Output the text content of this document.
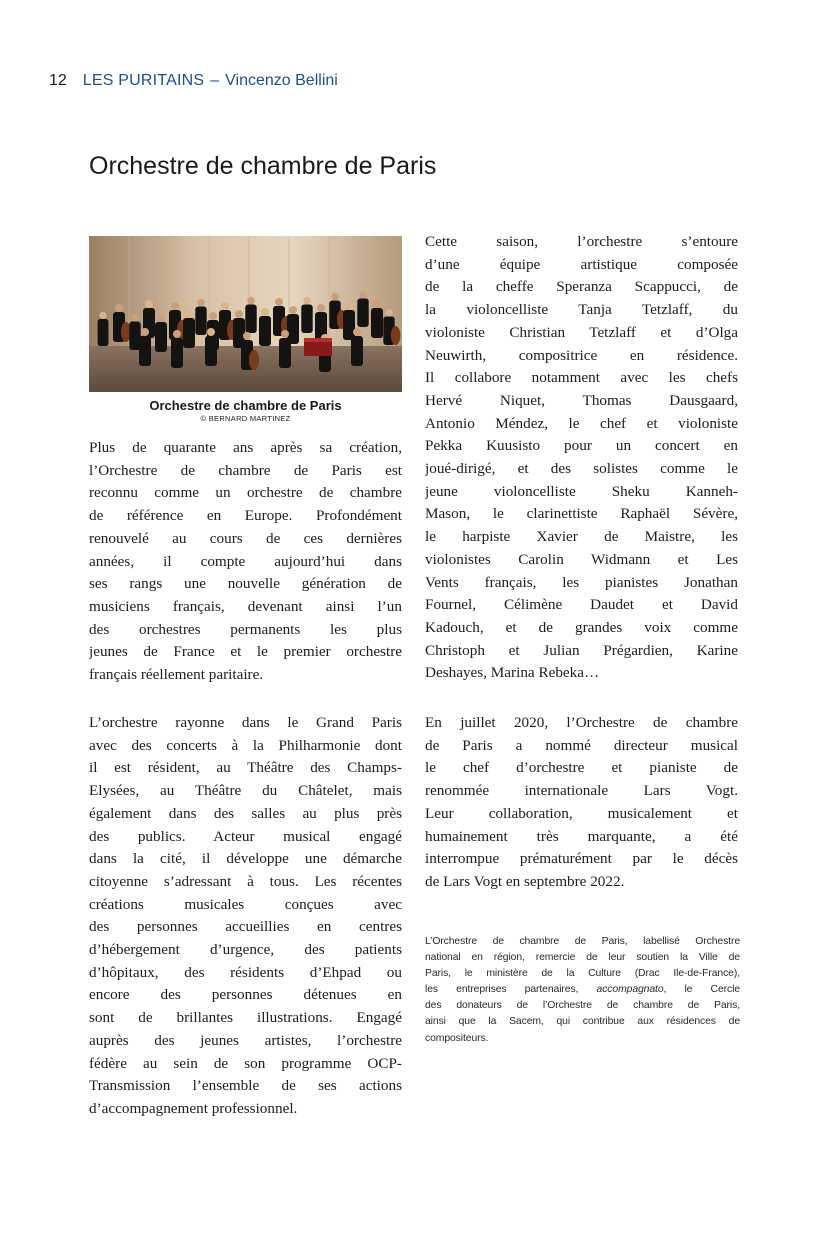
12 LES PURITAINS – Vincenzo Bellini
Orchestre de chambre de Paris
Orchestre de chambre de Paris
© BERNARD MARTINEZ
Plus de quarante ans après sa création,
l’Orchestre de chambre de Paris est
reconnu comme un orchestre de chambre
de référence en Europe. Profondément
renouvelé au cours de ces dernières
années, il compte aujourd’hui dans
ses rangs une nouvelle génération de
musiciens français, devenant ainsi l’un
des orchestres permanents les plus
jeunes de France et le premier orchestre
français réellement paritaire.
L’orchestre rayonne dans le Grand Paris
avec des concerts à la Philharmonie dont
il est résident, au Théâtre des Champs-
Elysées, au Théâtre du Châtelet, mais
également dans des salles au plus près
des publics. Acteur musical engagé
dans la cité, il développe une démarche
citoyenne s’adressant à tous. Les récentes
créations musicales conçues avec
des personnes accueillies en centres
d’hébergement d’urgence, des patients
d’hôpitaux, des résidents d’Ehpad ou
encore des personnes détenues en
sont de brillantes illustrations. Engagé
auprès des jeunes artistes, l’orchestre
fédère au sein de son programme OCP-
Transmission l’ensemble de ses actions
d’accompagnement professionnel.
Cette saison, l’orchestre s’entoure
d’une équipe artistique composée
de la cheffe Speranza Scappucci, de
la violoncelliste Tanja Tetzlaff, du
violoniste Christian Tetzlaff et d’Olga
Neuwirth, compositrice en résidence.
Il collabore notamment avec les chefs
Hervé Niquet, Thomas Dausgaard,
Antonio Méndez, le chef et violoniste
Pekka Kuusisto pour un concert en
joué-dirigé, et des solistes comme le
jeune violoncelliste Sheku Kanneh-
Mason, le clarinettiste Raphaël Sévère,
le harpiste Xavier de Maistre, les
violonistes Carolin Widmann et Les
Vents français, les pianistes Jonathan
Fournel, Célimène Daudet et David
Kadouch, et de grandes voix comme
Christoph et Julian Prégardien, Karine
Deshayes, Marina Rebeka…
En juillet 2020, l’Orchestre de chambre
de Paris a nommé directeur musical
le chef d’orchestre et pianiste de
renommée internationale Lars Vogt.
Leur collaboration, musicalement et
humainement très marquante, a été
interrompue prématurément par le décès
de Lars Vogt en septembre 2022.
L’Orchestre de chambre de Paris, labellisé Orchestre
national en région, remercie de leur soutien la Ville de
Paris, le ministère de la Culture (Drac Ile-de-France),
les entreprises partenaires, accompagnato, le Cercle
des donateurs de l’Orchestre de chambre de Paris,
ainsi que la Sacem, qui contribue aux résidences de
compositeurs.
